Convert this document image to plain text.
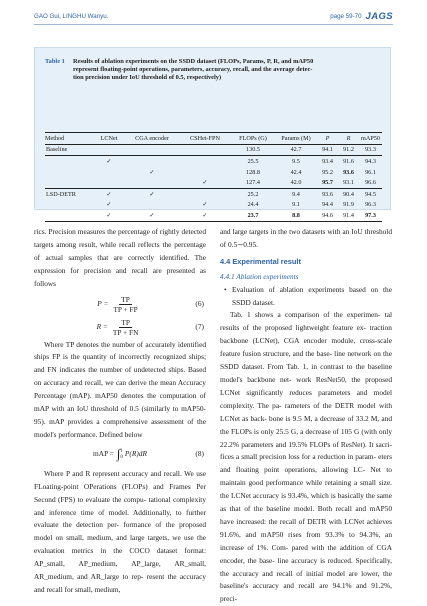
GAO Gui, LINGHU Wanyu.	page 59-70 JAGS
Table 1	Results of ablation experiments on the SSDD dataset (FLOPs, Params, P, R, and mAP50
represent floating-point operations, parameters, accuracy, recall, and the average detec-
tion precision under IoU threshold of 0.5, respectively)
Method	LCNet	CGA encoder	CSHet-FPN	FLOPs (G)	Params (M)	P	R	mAP50
Baseline				130.5	42.7	94.1	91.2	93.3
	✓			25.5	9.5	93.4	91.6	94.3
		✓		128.8	42.4	95.2	93.6	96.1
			✓	127.4	42.0	95.7	93.1	96.6
LSD-DETR	✓	✓		25.2	9.4	93.6	90.4	94.5
	✓		✓	24.4	9.1	94.4	91.9	96.3
	✓	✓	✓	23.7	8.8	94.6	91.4	97.3

rics. Precision measures the percentage of rightly detected targets among result, while recall reflects the percentage of actual samples that are correctly identified. The expression for precision and recall are presented as follows

$P = \frac{TP}{TP + FP}$	(6)
$R = \frac{TP}{TP + FN}$	(7)

Where TP denotes the number of accurately identified ships FP is the quantity of incorrectly recognized ships; and FN indicates the number of undetected ships. Based on accuracy and recall, we can derive the mean Accuracy Percentage (mAP). mAP50 denotes the computation of mAP with an IoU threshold of 0.5 (similarly to mAP50-95). mAP provides a comprehensive assessment of the model's performance. Defined below

mAP = ∫ 1
0 P(R)dR	(8)

Where P and R represent accuracy and recall. We use FLoating-point OPerations (FLOPs) and Frames Per Second (FPS) to evaluate the compu- tational complexity and inference time of model. Additionally, to further evaluate the detection per- formance of the proposed model on small, medium, and large targets, we use the evaluation metrics in the COCO dataset format: AP_small, AP_medium, AP_large, AR_small, AR_medium, and AR_large to rep- resent the accuracy and recall for small, medium,

and large targets in the two datasets with an IoU threshold of 0.5∼0.95.

4.4 Experimental result
4.4.1 Ablation experiments
• Evaluation of ablation experiments based on the SSDD dataset.

Tab. 1 shows a comparison of the experimen- tal results of the proposed lightweight feature ex- traction backbone (LCNet), CGA encoder module, cross-scale feature fusion structure, and the base- line network on the SSDD dataset. From Tab. 1, in contrast to the baseline model's backbone net- work ResNet50, the proposed LCNet significantly reduces parameters and model complexity. The pa- rameters of the DETR model with LCNet as back- bone is 9.5 M, a decrease of 33.2 M, and the FLOPs is only 25.5 G, a decrease of 105 G (with only 22.2% parameters and 19.5% FLOPs of ResNet). It sacri- fices a small precision loss for a reduction in param- eters and floating point operations, allowing LC- Net to maintain good performance while retaining a small size. the LCNet accuracy is 93.4%, which is basically the same as that of the baseline model. Both recall and mAP50 have increased: the recall of DETR with LCNet achieves 91.6%, and mAP50 rises from 93.3% to 94.3%, an increase of 1%. Com- pared with the addition of CGA encoder, the base- line accuracy is reduced. Specifically, the accuracy and recall of initial model are lower, the baseline's accuracy and recall are 94.1% and 91.2%, preci-
